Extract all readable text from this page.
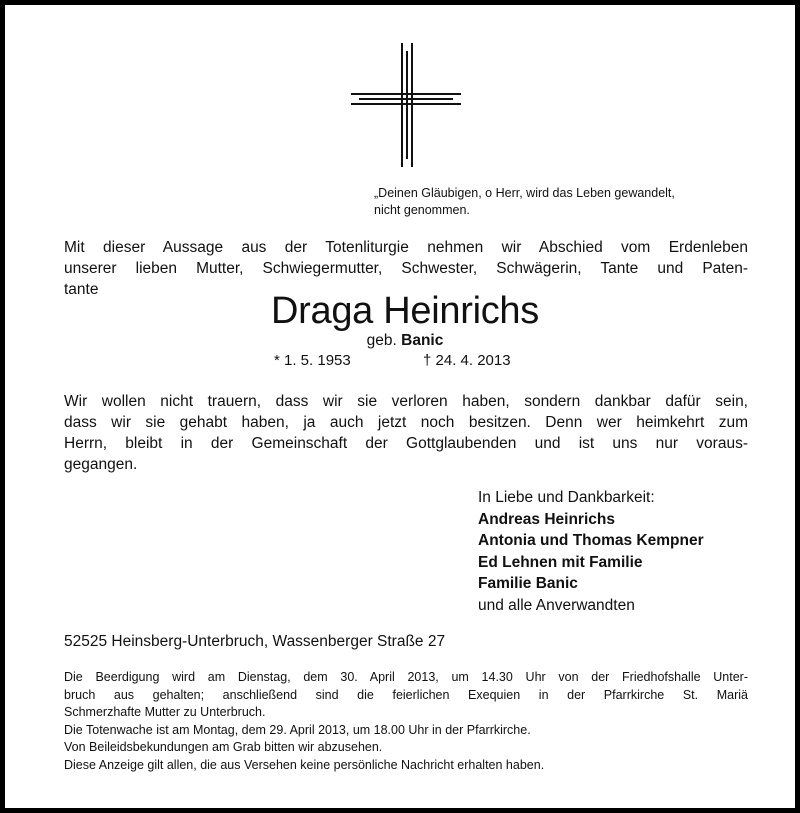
„Deinen Gläubigen, o Herr, wird das Leben gewandelt,
nicht genommen.
Mit dieser Aussage aus der Totenliturgie nehmen wir Abschied vom Erdenleben
unserer lieben Mutter, Schwiegermutter, Schwester, Schwägerin, Tante und Paten-
tante
Draga Heinrichs
geb. Banic
* 1. 5. 1953	† 24. 4. 2013
Wir wollen nicht trauern, dass wir sie verloren haben, sondern dankbar dafür sein,
dass wir sie gehabt haben, ja auch jetzt noch besitzen. Denn wer heimkehrt zum
Herrn, bleibt in der Gemeinschaft der Gottglaubenden und ist uns nur voraus-
gegangen.
In Liebe und Dankbarkeit:
Andreas Heinrichs
Antonia und Thomas Kempner
Ed Lehnen mit Familie
Familie Banic
und alle Anverwandten
52525 Heinsberg-Unterbruch, Wassenberger Straße 27
Die Beerdigung wird am Dienstag, dem 30. April 2013, um 14.30 Uhr von der Friedhofshalle Unter-
bruch aus gehalten; anschließend sind die feierlichen Exequien in der Pfarrkirche St. Mariä
Schmerzhafte Mutter zu Unterbruch.
Die Totenwache ist am Montag, dem 29. April 2013, um 18.00 Uhr in der Pfarrkirche.
Von Beileidsbekundungen am Grab bitten wir abzusehen.
Diese Anzeige gilt allen, die aus Versehen keine persönliche Nachricht erhalten haben.
